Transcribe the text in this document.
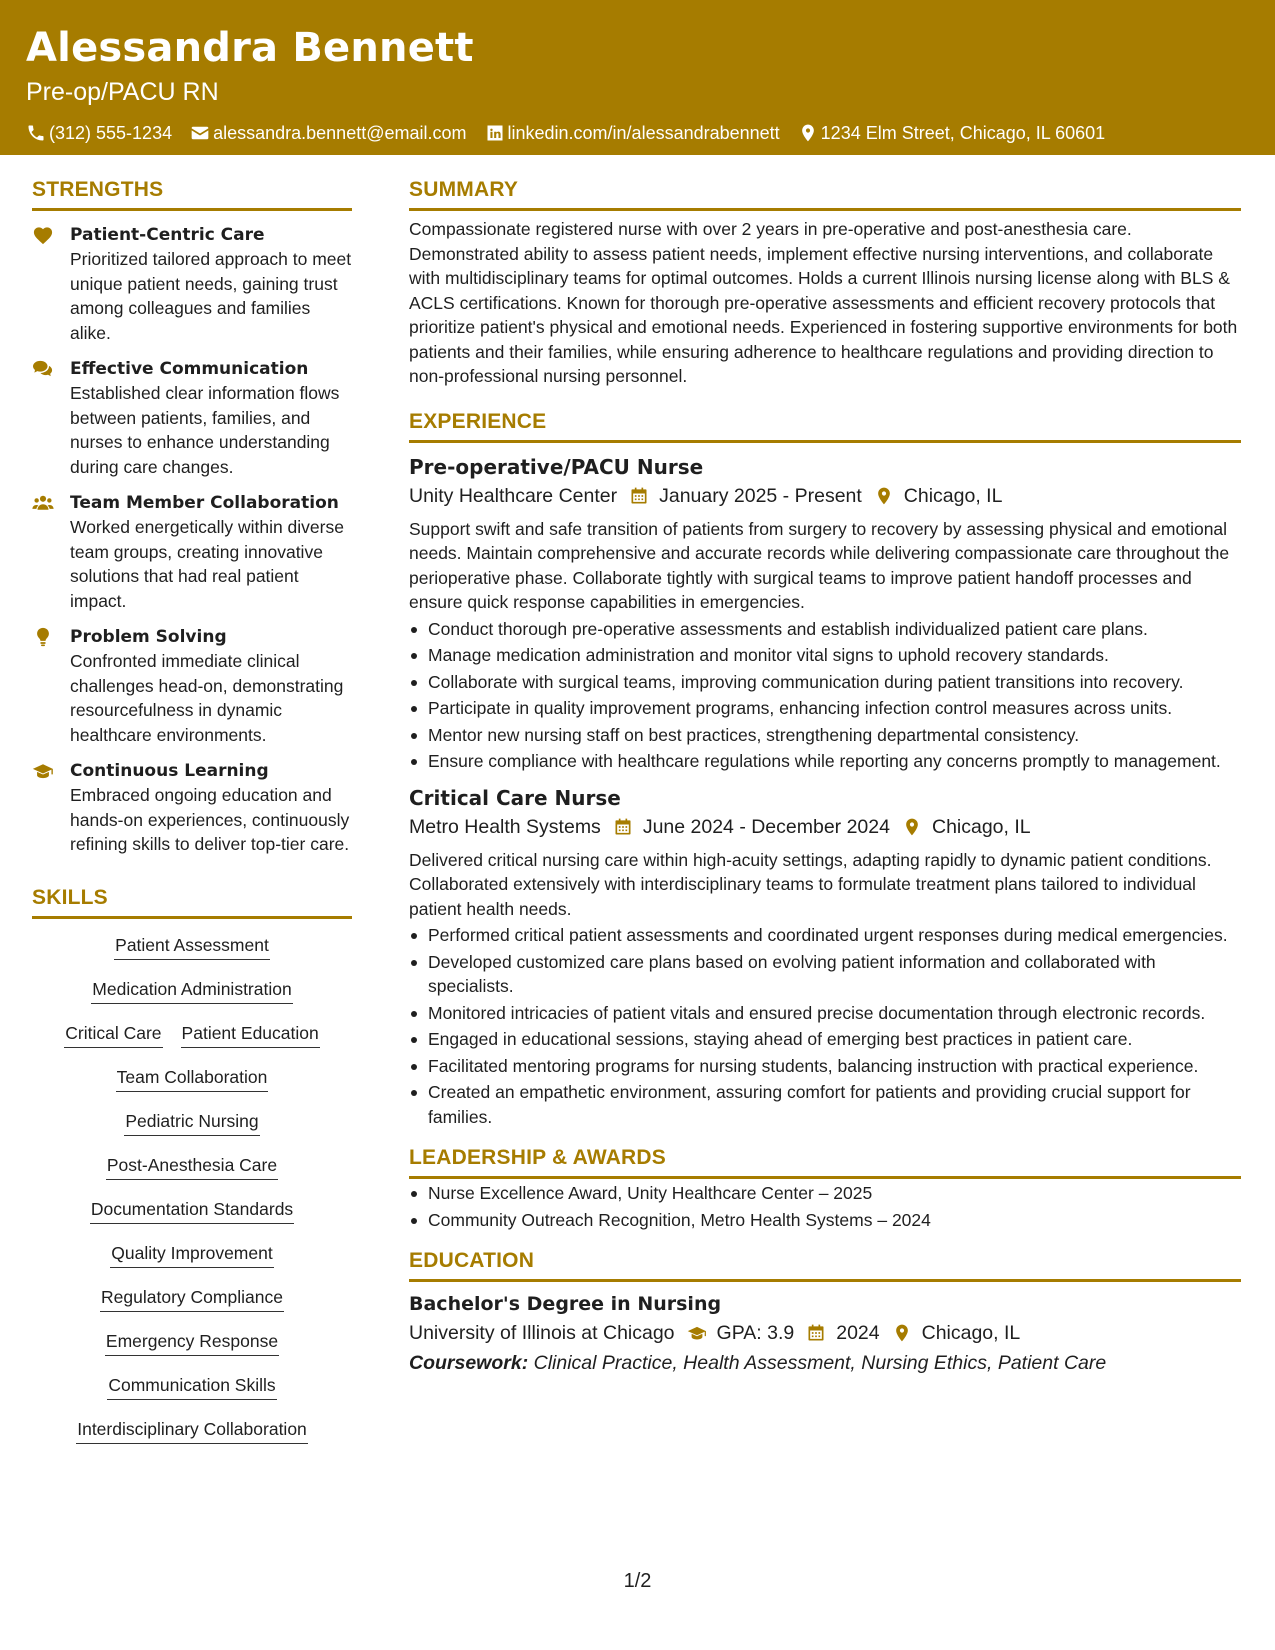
Alessandra Bennett
Pre-op/PACU RN
(312) 555-1234 alessandra.bennett@email.com linkedin.com/in/alessandrabennett 1234 Elm Street, Chicago, IL 60601
STRENGTHS
Patient-Centric Care
Prioritized tailored approach to meet unique patient needs, gaining trust among colleagues and families alike.
Effective Communication
Established clear information flows between patients, families, and nurses to enhance understanding during care changes.
Team Member Collaboration
Worked energetically within diverse team groups, creating innovative solutions that had real patient impact.
Problem Solving
Confronted immediate clinical challenges head-on, demonstrating resourcefulness in dynamic healthcare environments.
Continuous Learning
Embraced ongoing education and hands-on experiences, continuously refining skills to deliver top-tier care.
SKILLS
Patient Assessment
Medication Administration
Critical Care Patient Education
Team Collaboration
Pediatric Nursing
Post-Anesthesia Care
Documentation Standards
Quality Improvement
Regulatory Compliance
Emergency Response
Communication Skills
Interdisciplinary Collaboration
SUMMARY
Compassionate registered nurse with over 2 years in pre-operative and post-anesthesia care. Demonstrated ability to assess patient needs, implement effective nursing interventions, and collaborate with multidisciplinary teams for optimal outcomes. Holds a current Illinois nursing license along with BLS & ACLS certifications. Known for thorough pre-operative assessments and efficient recovery protocols that prioritize patient's physical and emotional needs. Experienced in fostering supportive environments for both patients and their families, while ensuring adherence to healthcare regulations and providing direction to non-professional nursing personnel.
EXPERIENCE
Pre-operative/PACU Nurse
Unity Healthcare Center January 2025 - Present Chicago, IL
Support swift and safe transition of patients from surgery to recovery by assessing physical and emotional needs. Maintain comprehensive and accurate records while delivering compassionate care throughout the perioperative phase. Collaborate tightly with surgical teams to improve patient handoff processes and ensure quick response capabilities in emergencies.
Conduct thorough pre-operative assessments and establish individualized patient care plans.
Manage medication administration and monitor vital signs to uphold recovery standards.
Collaborate with surgical teams, improving communication during patient transitions into recovery.
Participate in quality improvement programs, enhancing infection control measures across units.
Mentor new nursing staff on best practices, strengthening departmental consistency.
Ensure compliance with healthcare regulations while reporting any concerns promptly to management.
Critical Care Nurse
Metro Health Systems June 2024 - December 2024 Chicago, IL
Delivered critical nursing care within high-acuity settings, adapting rapidly to dynamic patient conditions. Collaborated extensively with interdisciplinary teams to formulate treatment plans tailored to individual patient health needs.
Performed critical patient assessments and coordinated urgent responses during medical emergencies.
Developed customized care plans based on evolving patient information and collaborated with specialists.
Monitored intricacies of patient vitals and ensured precise documentation through electronic records.
Engaged in educational sessions, staying ahead of emerging best practices in patient care.
Facilitated mentoring programs for nursing students, balancing instruction with practical experience.
Created an empathetic environment, assuring comfort for patients and providing crucial support for families.
LEADERSHIP & AWARDS
Nurse Excellence Award, Unity Healthcare Center – 2025
Community Outreach Recognition, Metro Health Systems – 2024
EDUCATION
Bachelor's Degree in Nursing
University of Illinois at Chicago GPA: 3.9 2024 Chicago, IL
Coursework: Clinical Practice, Health Assessment, Nursing Ethics, Patient Care
1/2
